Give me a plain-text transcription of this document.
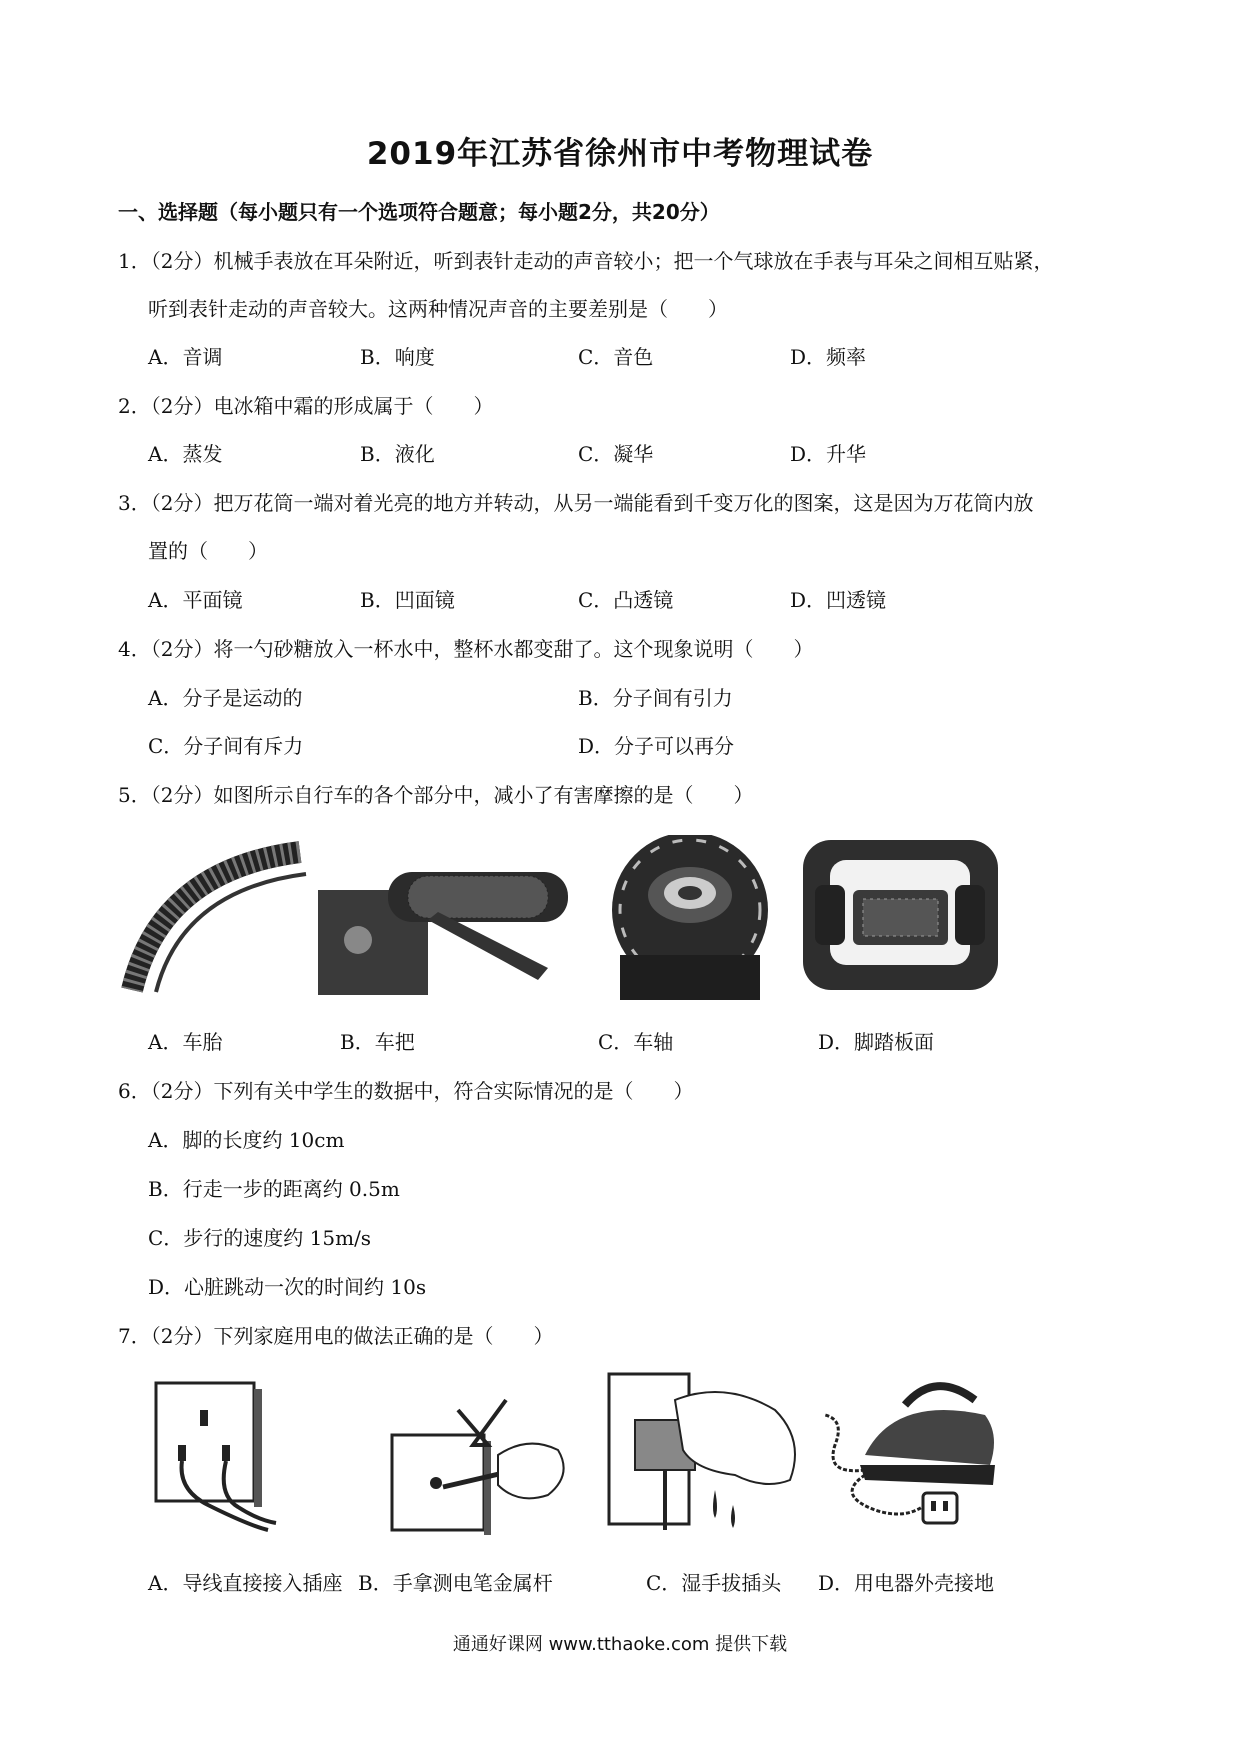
2019年江苏省徐州市中考物理试卷
一、选择题（每小题只有一个选项符合题意；每小题2分，共20分）
1．（2分）机械手表放在耳朵附近，听到表针走动的声音较小；把一个气球放在手表与耳朵之间相互贴紧，
听到表针走动的声音较大。这两种情况声音的主要差别是（　　）
A．音调	B．响度	C．音色	D．频率
2．（2分）电冰箱中霜的形成属于（　　）
A．蒸发	B．液化	C．凝华	D．升华
3．（2分）把万花筒一端对着光亮的地方并转动，从另一端能看到千变万化的图案，这是因为万花筒内放
置的（　　）
A．平面镜	B．凹面镜	C．凸透镜	D．凹透镜
4．（2分）将一勺砂糖放入一杯水中，整杯水都变甜了。这个现象说明（　　）
A．分子是运动的	B．分子间有引力
C．分子间有斥力	D．分子可以再分
5．（2分）如图所示自行车的各个部分中，减小了有害摩擦的是（　　）
A．车胎	B．车把	C．车轴	D．脚踏板面
6．（2分）下列有关中学生的数据中，符合实际情况的是（　　）
A．脚的长度约 10cm
B．行走一步的距离约 0.5m
C．步行的速度约 15m/s
D．心脏跳动一次的时间约 10s
7．（2分）下列家庭用电的做法正确的是（　　）
A．导线直接接入插座 B．手拿测电笔金属杆	C．湿手拔插头 D．用电器外壳接地
通通好课网 www.tthaoke.com 提供下载
